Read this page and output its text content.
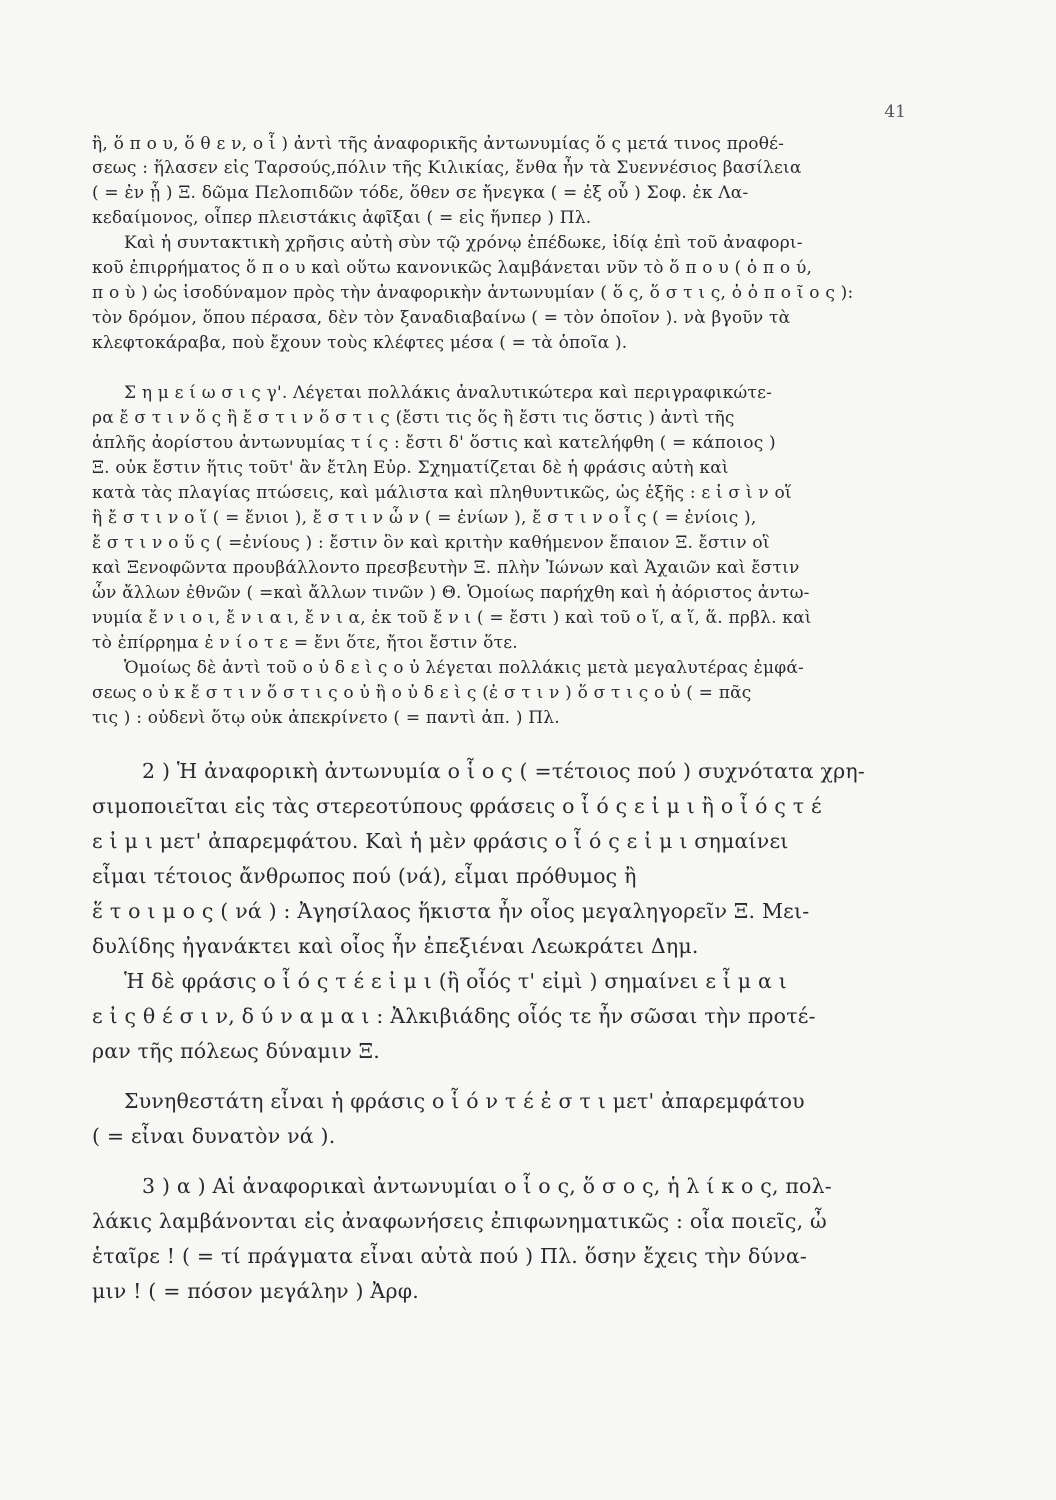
41
ἢ, ὅ π ο υ, ὅ θ ε ν, ο ἷ ) ἀντὶ τῆς ἀναφορικῆς ἀντωνυμίας ὅ ς μετά τινος προθέ-
σεως : ἥλασεν εἰς Ταρσούς,πόλιν τῆς Κιλικίας, ἔνθα ἦν τὰ Συεννέσιος βασίλεια
( = ἐν ᾗ ) Ξ. δῶμα Πελοπιδῶν τόδε, ὅθεν σε ἤνεγκα ( = ἐξ οὗ ) Σοφ. ἐκ Λα-
κεδαίμονος, οἶπερ πλειστάκις ἀφῖξαι ( = εἰς ἥνπερ ) Πλ.
Καὶ ἡ συντακτικὴ χρῆσις αὐτὴ σὺν τῷ χρόνῳ ἐπέδωκε, ἰδίᾳ ἐπὶ τοῦ ἀναφορι-
κοῦ ἐπιρρήματος ὅ π ο υ καὶ οὕτω κανονικῶς λαμβάνεται νῦν τὸ ὅ π ο υ ( ὁ π ο ύ,
π ο ὺ ) ὡς ἰσοδύναμον πρὸς τὴν ἀναφορικὴν ἀντωνυμίαν ( ὅ ς, ὅ σ τ ι ς, ὁ ὁ π ο ῖ ο ς ):
τὸν δρόμον, ὅπου πέρασα, δὲν τὸν ξαναδιαβαίνω ( = τὸν ὁποῖον ). νὰ βγοῦν τὰ
κλεφτοκάραβα, ποὺ ἔχουν τοὺς κλέφτες μέσα ( = τὰ ὁποῖα ).
Σ η μ ε ί ω σ ι ς γ'. Λέγεται πολλάκις ἀναλυτικώτερα καὶ περιγραφικώτε-
ρα ἔ σ τ ι ν ὅ ς ἢ ἔ σ τ ι ν ὅ σ τ ι ς (ἔστι τις ὅς ἢ ἔστι τις ὅστις ) ἀντὶ τῆς
ἁπλῆς ἀορίστου ἀντωνυμίας τ ί ς : ἔστι δ' ὅστις καὶ κατελήφθη ( = κάποιος )
Ξ. οὐκ ἔστιν ἥτις τοῦτ' ἂν ἔτλη Εὐρ. Σχηματίζεται δὲ ἡ φράσις αὐτὴ καὶ
κατὰ τὰς πλαγίας πτώσεις, καὶ μάλιστα καὶ πληθυντικῶς, ὡς ἑξῆς : ε ἰ σ ὶ ν οἵ
ἢ ἔ σ τ ι ν ο ἵ ( = ἔνιοι ), ἔ σ τ ι ν ὧ ν ( = ἐνίων ), ἔ σ τ ι ν ο ἷ ς ( = ἐνίοις ),
ἔ σ τ ι ν ο ὕ ς ( =ἐνίους ) : ἔστιν ὃν καὶ κριτὴν καθήμενον ἔπαιον Ξ. ἔστιν οἳ
καὶ Ξενοφῶντα προυβάλλοντο πρεσβευτὴν Ξ. πλὴν Ἰώνων καὶ Ἀχαιῶν καὶ ἔστιν
ὧν ἄλλων ἐθνῶν ( =καὶ ἄλλων τινῶν ) Θ. Ὁμοίως παρήχθη καὶ ἡ ἀόριστος ἀντω-
νυμία ἔ ν ι ο ι, ἔ ν ι α ι, ἔ ν ι α, ἐκ τοῦ ἔ ν ι ( = ἔστι ) καὶ τοῦ ο ἵ, α ἵ, ἅ. πρβλ. καὶ
τὸ ἐπίρρημα ἐ ν ί ο τ ε = ἔνι ὅτε, ἤτοι ἔστιν ὅτε.
Ὁμοίως δὲ ἀντὶ τοῦ ο ὐ δ ε ὶ ς ο ὐ λέγεται πολλάκις μετὰ μεγαλυτέρας ἐμφά-
σεως ο ὐ κ ἔ σ τ ι ν ὅ σ τ ι ς ο ὐ ἢ ο ὐ δ ε ὶ ς (ἐ σ τ ι ν ) ὅ σ τ ι ς ο ὐ ( = πᾶς
τις ) : οὐδενὶ ὅτῳ οὐκ ἀπεκρίνετο ( = παντὶ ἀπ. ) Πλ.
2 ) Ἡ ἀναφορικὴ ἀντωνυμία ο ἷ ο ς ( =τέτοιος πού ) συχνότατα χρη-
σιμοποιεῖται εἰς τὰς στερεοτύπους φράσεις ο ἷ ό ς ε ἰ μ ι ἢ ο ἷ ό ς τ έ
ε ἰ μ ι μετ' ἀπαρεμφάτου. Καὶ ἡ μὲν φράσις ο ἷ ό ς ε ἰ μ ι σημαίνει
εἶμαι τέτοιος ἄνθρωπος πού (νά), εἶμαι πρόθυμος ἢ
ἕ τ ο ι μ ο ς ( νά ) : Ἀγησίλαος ἥκιστα ἦν οἷος μεγαληγορεῖν Ξ. Μει-
δυλίδης ἠγανάκτει καὶ οἷος ἦν ἐπεξιέναι Λεωκράτει Δημ.
Ἡ δὲ φράσις ο ἷ ό ς τ έ ε ἰ μ ι (ἢ οἷός τ' εἰμὶ ) σημαίνει ε ἶ μ α ι
ε ἰ ς θ έ σ ι ν, δ ύ ν α μ α ι : Ἀλκιβιάδης οἷός τε ἦν σῶσαι τὴν προτέ-
ραν τῆς πόλεως δύναμιν Ξ.
Συνηθεστάτη εἶναι ἡ φράσις ο ἷ ό ν τ έ ἐ σ τ ι μετ' ἀπαρεμφάτου
( = εἶναι δυνατὸν νά ).
3 ) α ) Αἱ ἀναφορικαὶ ἀντωνυμίαι ο ἷ ο ς, ὅ σ ο ς, ἡ λ ί κ ο ς, πολ-
λάκις λαμβάνονται εἰς ἀναφωνήσεις ἐπιφωνηματικῶς : οἷα ποιεῖς, ὦ
ἑταῖρε ! ( = τί πράγματα εἶναι αὐτὰ πού ) Πλ. ὅσην ἔχεις τὴν δύνα-
μιν ! ( = πόσον μεγάλην ) Ἀρφ.
